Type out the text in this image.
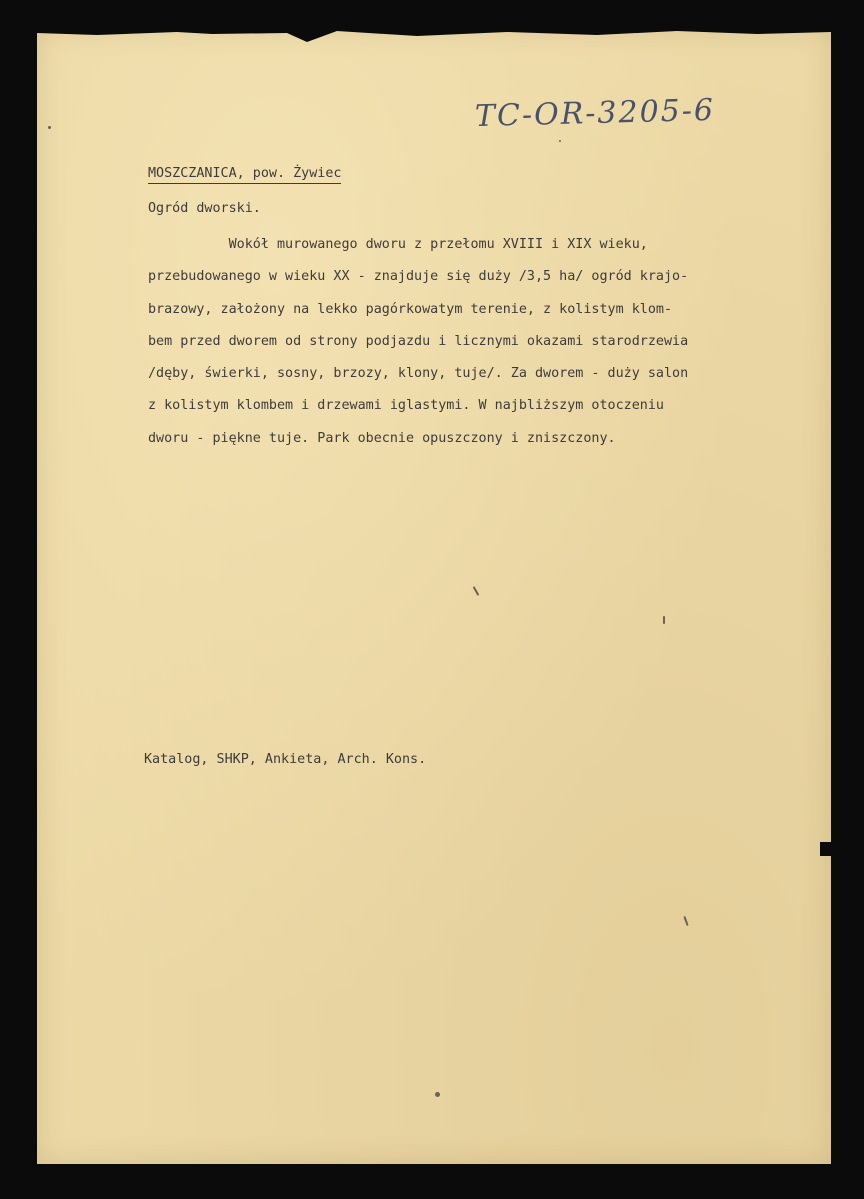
TC-OR-3205-6
MOSZCZANICA, pow. Żywiec
Ogród dworski.
Wokół murowanego dworu z przełomu XVIII i XIX wieku,
przebudowanego w wieku XX - znajduje się duży /3,5 ha/ ogród krajo-
brazowy, założony na lekko pagórkowatym terenie, z kolistym klom-
bem przed dworem od strony podjazdu i licznymi okazami starodrzewia
/dęby, świerki, sosny, brzozy, klony, tuje/. Za dworem - duży salon
z kolistym klombem i drzewami iglastymi. W najbliższym otoczeniu
dworu - piękne tuje. Park obecnie opuszczony i zniszczony.
Katalog, SHKP, Ankieta, Arch. Kons.
